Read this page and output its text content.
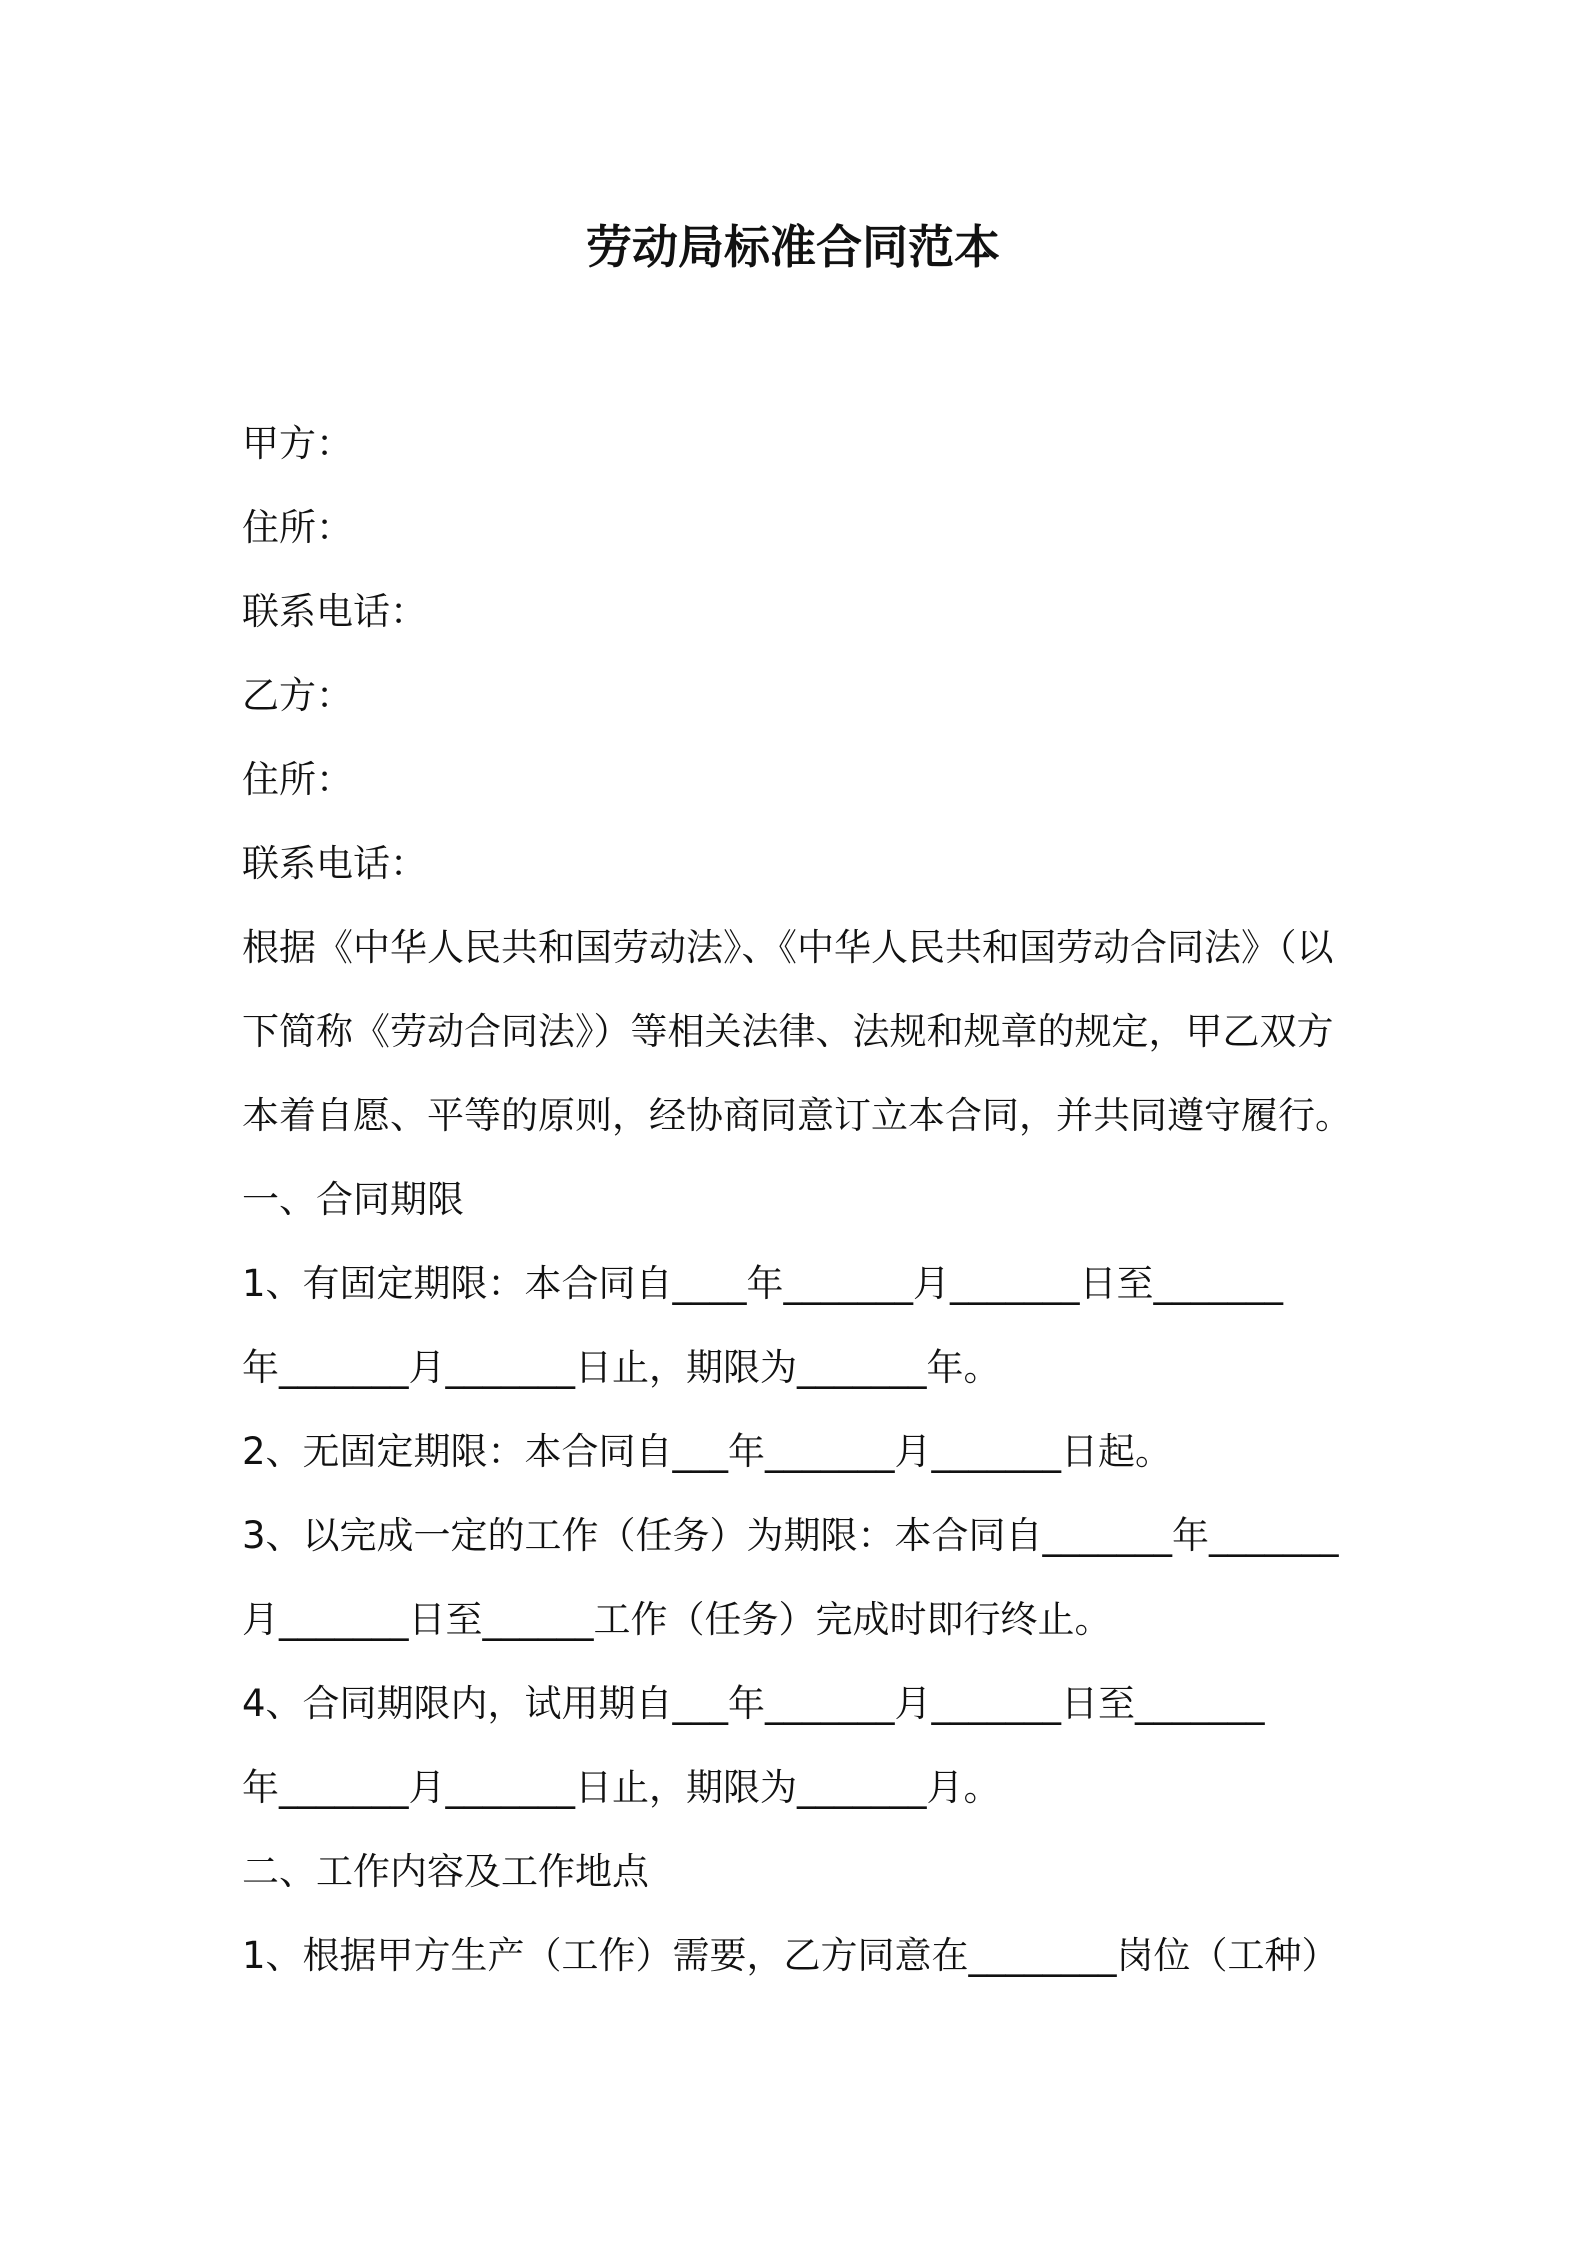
劳动局标准合同范本

甲方：

住所：

联系电话：

乙方：

住所：

联系电话：

根据《中华人民共和国劳动法》、《中华人民共和国劳动合同法》（以

下简称《劳动合同法》）等相关法律、法规和规章的规定，甲乙双方

本着自愿、平等的原则，经协商同意订立本合同，并共同遵守履行。

一、合同期限

1、有固定期限：本合同自____年_______月_______日至_______

年_______月_______日止，期限为_______年。

2、无固定期限：本合同自___年_______月_______日起。

3、以完成一定的工作（任务）为期限：本合同自_______年_______

月_______日至______工作（任务）完成时即行终止。

4、合同期限内，试用期自___年_______月_______日至_______

年_______月_______日止，期限为_______月。

二、工作内容及工作地点

1、根据甲方生产（工作）需要，乙方同意在________岗位（工种）
